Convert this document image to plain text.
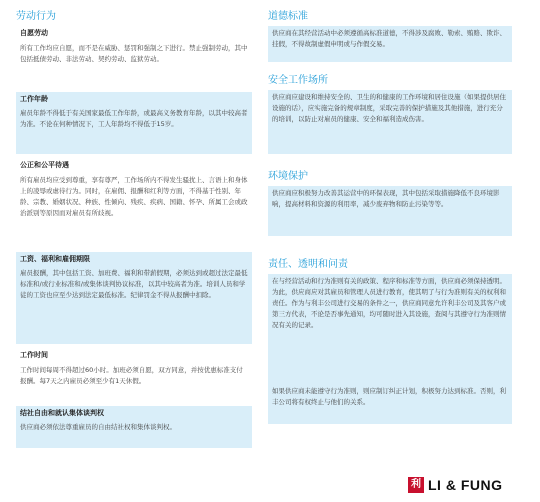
劳动行为
自愿劳动
所有工作均应自愿，而不是在威胁、惩罚和强制之下进行。禁止强制劳动，其中包括抵债劳动、非法劳动、契约劳动、监狱劳动。
工作年龄
雇员年龄不得低于有关国家最低工作年龄，或最高义务教育年龄，以其中较高者为准。不论在何种情况下，工人年龄均不得低于15岁。
公正和公平待遇
所有雇员均应受到尊重，享有尊严，工作场所内不得发生骚扰上、言语上和身体上的凌辱或虐待行为。同时，在雇佣、报酬和红利等方面，不得基于性别、年龄、宗教、婚姻状况、种族、性倾向、残疾、疾病、国籍、怀孕、所属工会或政治派别等原因而对雇员有所歧视。
工资、福利和雇佣期限
雇员报酬，其中包括工资、加班费、福利和带薪假期，必须达到或超过法定最低标准和/或行业标准和/或集体谈判协议标准，以其中较高者为准。培训人员和学徒的工资也应至少达到法定最低标准。纪律罚金不得从报酬中扣除。
工作时间
工作时间每周不得超过60小时。加班必须自愿，双方同意，并按优惠标准支付报酬。每7天之内雇员必须至少有1天休假。
结社自由和就认集体谈判权
供应商必须依法尊重雇员的自由结社权和集体谈判权。
道德标准
供应商在其经营活动中必须遵循高标准道德，不得涉及腐败、勒索、贿赂、欺诈、挂假，不得故制虚假申明或与作假交易。
安全工作场所
供应商应建设和维持安全的、卫生的和健康的工作环境和居住设施（如果提供居住设施的话），应实施完备的规章制度，采取完善的保护措施及其他措施，进行充分的培训，以防止对雇员的健康、安全和福利造成伤害。
环境保护
供应商应积极努力改善其运营中的环保表现，其中包括采取措施降低不良环境影响，提高材料和资源的利用率，减少废弃物和防止污染等等。
责任、透明和问责
在与经营活动和行为准则有关的政策、程序和标准等方面，供应商必须保持透明。为此，供应商应对其雇员和管理人员进行教育，使其明了与行为准则有关的权利和责任。作为与利丰公司进行交易的条件之一，供应商同意允许利丰公司及其客户或第三方代表，不论是否事先通知，均可随时进入其设施，查阅与其遵守行为准则情况有关的记录。
如果供应商未能遵守行为准则，则应制订纠正计划，积极努力达到标准。否则，利丰公司将有权终止与他们的关系。
利 LI & FUNG
